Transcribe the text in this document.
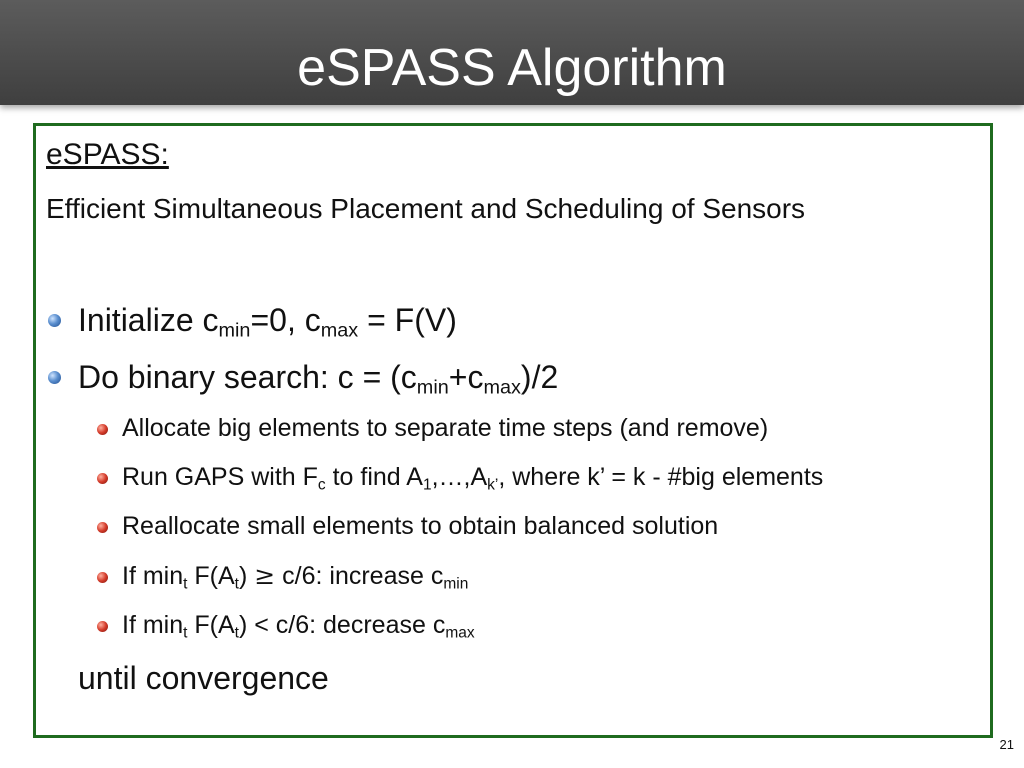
eSPASS Algorithm
eSPASS:
Efficient Simultaneous Placement and Scheduling of Sensors
Initialize $c_{min}=0$, $c_{max} = F(V)$
Do binary search: $c = (c_{min}+c_{max})/2$
Allocate big elements to separate time steps (and remove)
Run GAPS with $F_c$ to find $A_1,\dots,A_{k’}$, where k’ = k - #big elements
Reallocate small elements to obtain balanced solution
If $\min_t F(A_t) \ge c/6$: increase $c_{min}$
If $\min_t F(A_t) < c/6$: decrease $c_{max}$
until convergence
21
